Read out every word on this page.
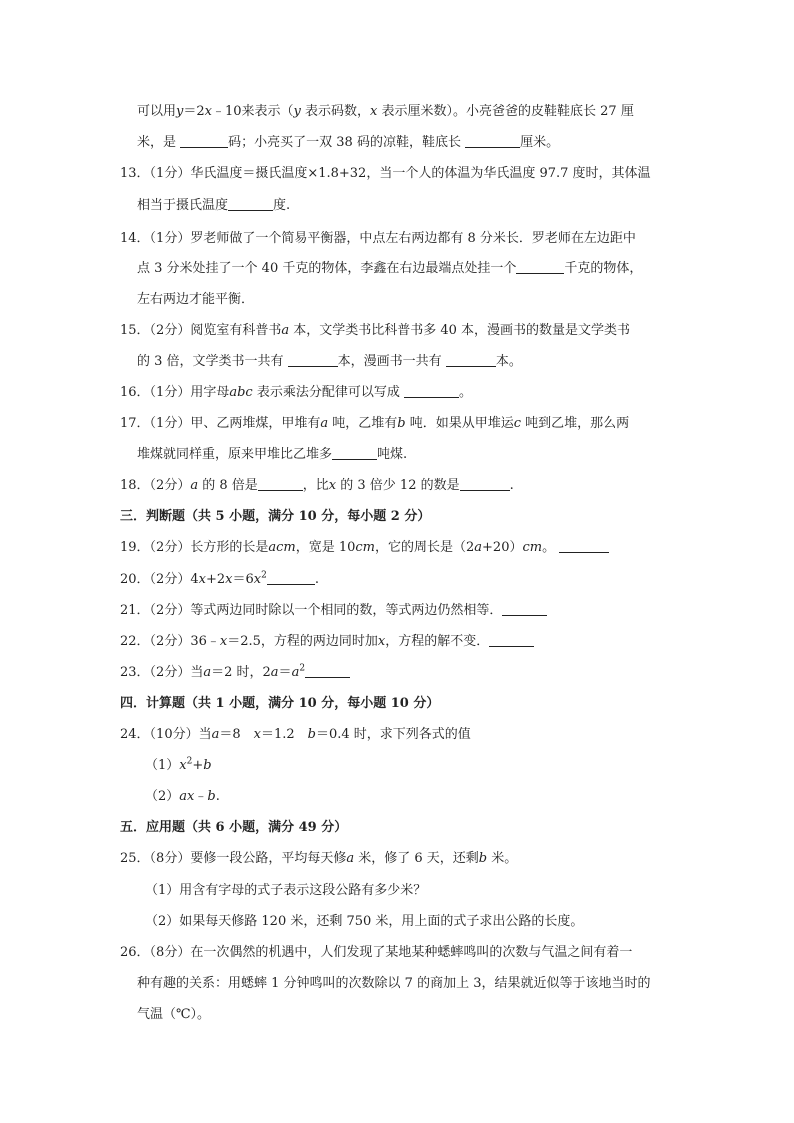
可以用y＝2x﹣10来表示（y 表示码数，x 表示厘米数）。小亮爸爸的皮鞋鞋底长 27 厘
米，是	码；小亮买了一双 38 码的凉鞋，鞋底长	厘米。
13．（1分）华氏温度＝摄氏温度×1.8+32，当一个人的体温为华氏温度 97.7 度时，其体温
相当于摄氏温度	度.
14．（1分）罗老师做了一个简易平衡器，中点左右两边都有 8 分米长．罗老师在左边距中
点 3 分米处挂了一个 40 千克的物体，李鑫在右边最端点处挂一个	千克的物体，
左右两边才能平衡．
15．（2分）阅览室有科普书a 本，文学类书比科普书多 40 本，漫画书的数量是文学类书
的 3 倍，文学类书一共有	本，漫画书一共有	本。
16．（1分）用字母abc 表示乘法分配律可以写成	。
17．（1分）甲、乙两堆煤，甲堆有a 吨，乙堆有b 吨．如果从甲堆运c 吨到乙堆，那么两
堆煤就同样重，原来甲堆比乙堆多	吨煤.
18．（2分）a 的 8 倍是	，比x 的 3 倍少 12 的数是	.
三．判断题（共 5 小题，满分 10 分，每小题 2 分）
19．（2分）长方形的长是acm，宽是 10cm，它的周长是（2a+20）cm。
20．（2分）$4x+2x=6x^2$	.
21．（2分）等式两边同时除以一个相同的数，等式两边仍然相等．
22．（2分）36﹣x＝2.5，方程的两边同时加x，方程的解不变．
23．（2分）当a＝2 时，$2a=a^2$
四．计算题（共 1 小题，满分 10 分，每小题 10 分）
24．（10分）当a＝8　x＝1.2　b＝0.4 时，求下列各式的值
$(1)x^2+b$
（2）ax﹣b.
五．应用题（共 6 小题，满分 49 分）
25．（8分）要修一段公路，平均每天修a 米，修了 6 天，还剩b 米。
（1）用含有字母的式子表示这段公路有多少米？
（2）如果每天修路 120 米，还剩 750 米，用上面的式子求出公路的长度。
26．（8分）在一次偶然的机遇中，人们发现了某地某种蟋蟀鸣叫的次数与气温之间有着一
种有趣的关系：用蟋蟀 1 分钟鸣叫的次数除以 7 的商加上 3，结果就近似等于该地当时的
气温（℃）。
